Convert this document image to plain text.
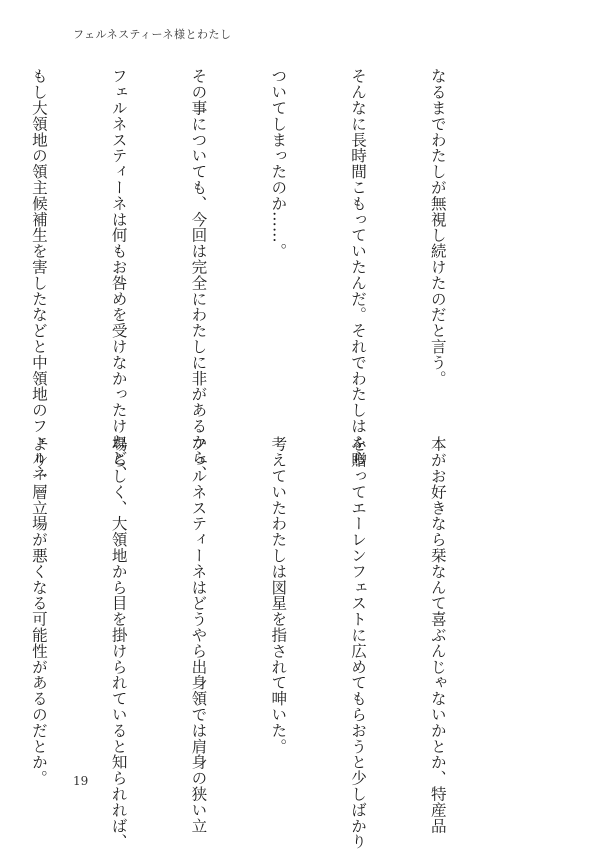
フェルネスティーネ様とわたし

なるまでわたしが無視し続けたのだと言う。

そんなに長時間こもっていたんだ。それでわたしはふら

ついてしまったのか……。

その事についても、今回は完全にわたしに非があるから、

フェルネスティーネは何もお咎めを受けなかったけれど、

もし大領地の領主候補生を害したなどと中領地のフェルネ

本がお好きなら栞なんて喜ぶんじゃないかとか、特産品

を贈ってエーレンフェストに広めてもらおうと少しばかり

考えていたわたしは図星を指されて呻いた。

フェルネスティーネはどうやら出身領では肩身の狭い立

場らしく、大領地から目を掛けられていると知られれば、

より一層立場が悪くなる可能性があるのだとか。

	19
